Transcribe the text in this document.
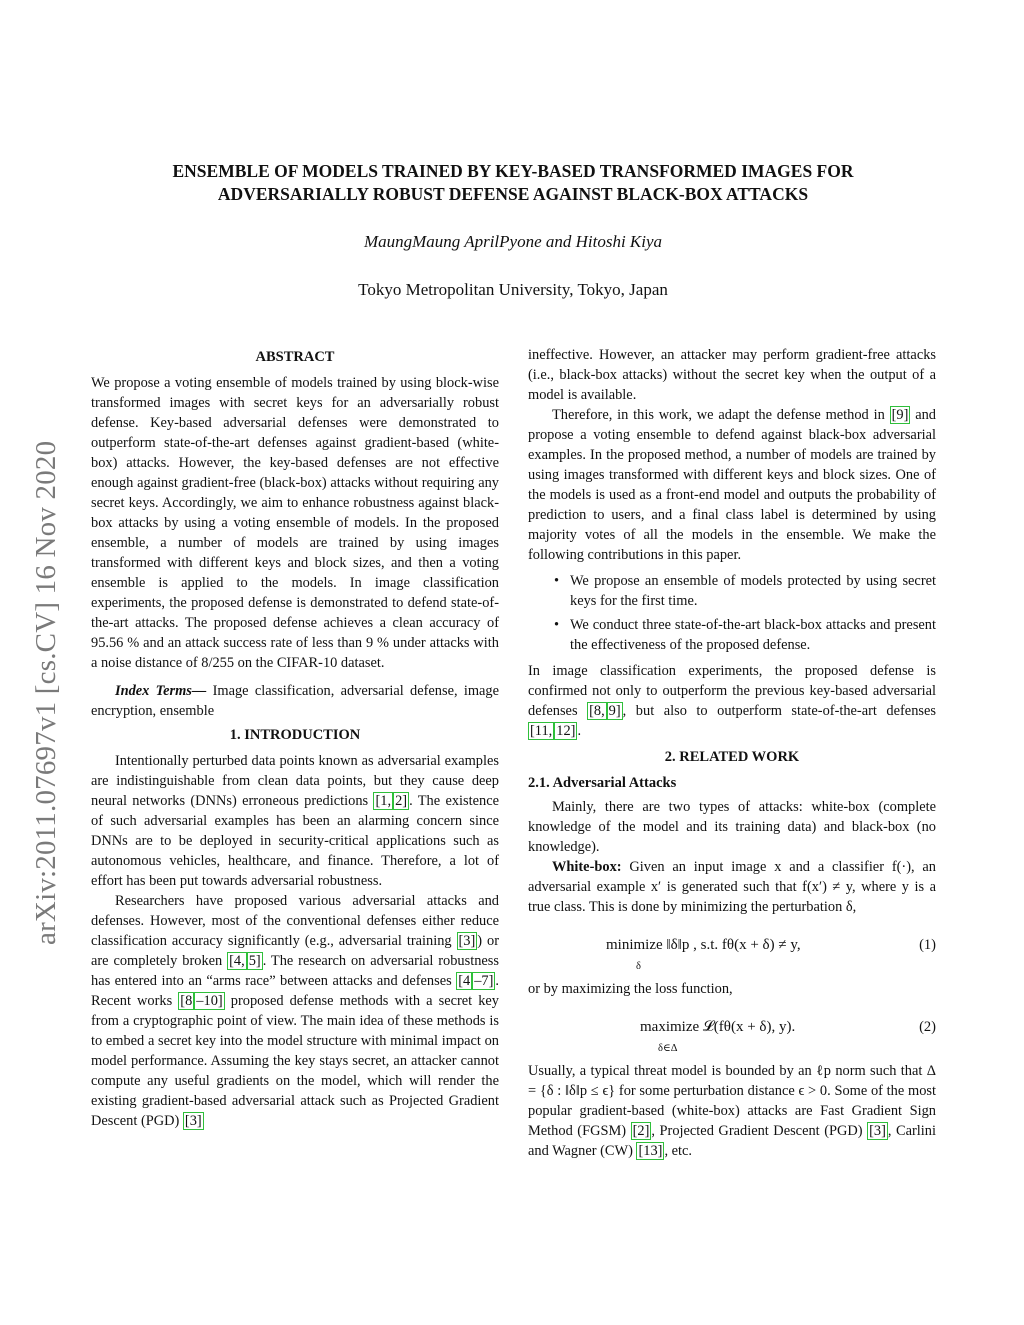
arXiv:2011.07697v1 [cs.CV] 16 Nov 2020
ENSEMBLE OF MODELS TRAINED BY KEY-BASED TRANSFORMED IMAGES FOR
ADVERSARIALLY ROBUST DEFENSE AGAINST BLACK-BOX ATTACKS
MaungMaung AprilPyone and Hitoshi Kiya
Tokyo Metropolitan University, Tokyo, Japan
ABSTRACT

We propose a voting ensemble of models trained by using block-wise transformed images with secret keys for an adversarially robust defense. Key-based adversarial defenses were demonstrated to outperform state-of-the-art defenses against gradient-based (white-box) attacks. However, the key-based defenses are not effective enough against gradient-free (black-box) attacks without requiring any secret keys. Accordingly, we aim to enhance robustness against black-box attacks by using a voting ensemble of models. In the proposed ensemble, a number of models are trained by using images transformed with different keys and block sizes, and then a voting ensemble is applied to the models. In image classification experiments, the proposed defense is demonstrated to defend state-of-the-art attacks. The proposed defense achieves a clean accuracy of 95.56 % and an attack success rate of less than 9 % under attacks with a noise distance of 8/255 on the CIFAR-10 dataset.

Index Terms— Image classification, adversarial defense, image encryption, ensemble

1. INTRODUCTION

Intentionally perturbed data points known as adversarial examples are indistinguishable from clean data points, but they cause deep neural networks (DNNs) erroneous predictions [1, 2] . The existence of such adversarial examples has been an alarming concern since DNNs are to be deployed in security-critical applications such as autonomous vehicles, healthcare, and finance. Therefore, a lot of effort has been put towards adversarial robustness.

Researchers have proposed various adversarial attacks and defenses. However, most of the conventional defenses either reduce classification accuracy significantly (e.g., adversarial training [3] ) or are completely broken [4, 5] . The research on adversarial robustness has entered into an “arms race” between attacks and defenses [4 –7] . Recent works [8 –10] proposed defense methods with a secret key from a cryptographic point of view. The main idea of these methods is to embed a secret key into the model structure with minimal impact on model performance. Assuming the key stays secret, an attacker cannot compute any useful gradients on the model, which will render the existing gradient-based adversarial attack such as Projected Gradient Descent (PGD) [3]

ineffective. However, an attacker may perform gradient-free attacks (i.e., black-box attacks) without the secret key when the output of a model is available.

Therefore, in this work, we adapt the defense method in [9] and propose a voting ensemble to defend against black-box adversarial examples. In the proposed method, a number of models are trained by using images transformed with different keys and block sizes. One of the models is used as a front-end model and outputs the probability of prediction to users, and a final class label is determined by using majority votes of all the models in the ensemble. We make the following contributions in this paper.

• We propose an ensemble of models protected by using secret keys for the first time.
• We conduct three state-of-the-art black-box attacks and present the effectiveness of the proposed defense.

In image classification experiments, the proposed defense is confirmed not only to outperform the previous key-based adversarial defenses [8, 9] , but also to outperform state-of-the-art defenses [11, 12] .

2. RELATED WORK
2.1. Adversarial Attacks

Mainly, there are two types of attacks: white-box (complete knowledge of the model and its training data) and black-box (no knowledge).

White-box: Given an input image x and a classifier f(·), an adversarial example x′ is generated such that f(x′) ≠ y, where y is a true class. This is done by minimizing the perturbation δ,

minimize ‖δ‖p , s.t. fθ(x + δ) ≠ y,
δ
(1)

or by maximizing the loss function,

maximize 𝓛(fθ(x + δ), y).
δ∈Δ
(2)

Usually, a typical threat model is bounded by an ℓp norm such that Δ = {δ : ‖δ‖p ≤ ϵ} for some perturbation distance ϵ > 0. Some of the most popular gradient-based (white-box) attacks are Fast Gradient Sign Method (FGSM) [2] , Projected Gradient Descent (PGD) [3] , Carlini and Wagner (CW) [13] , etc.
